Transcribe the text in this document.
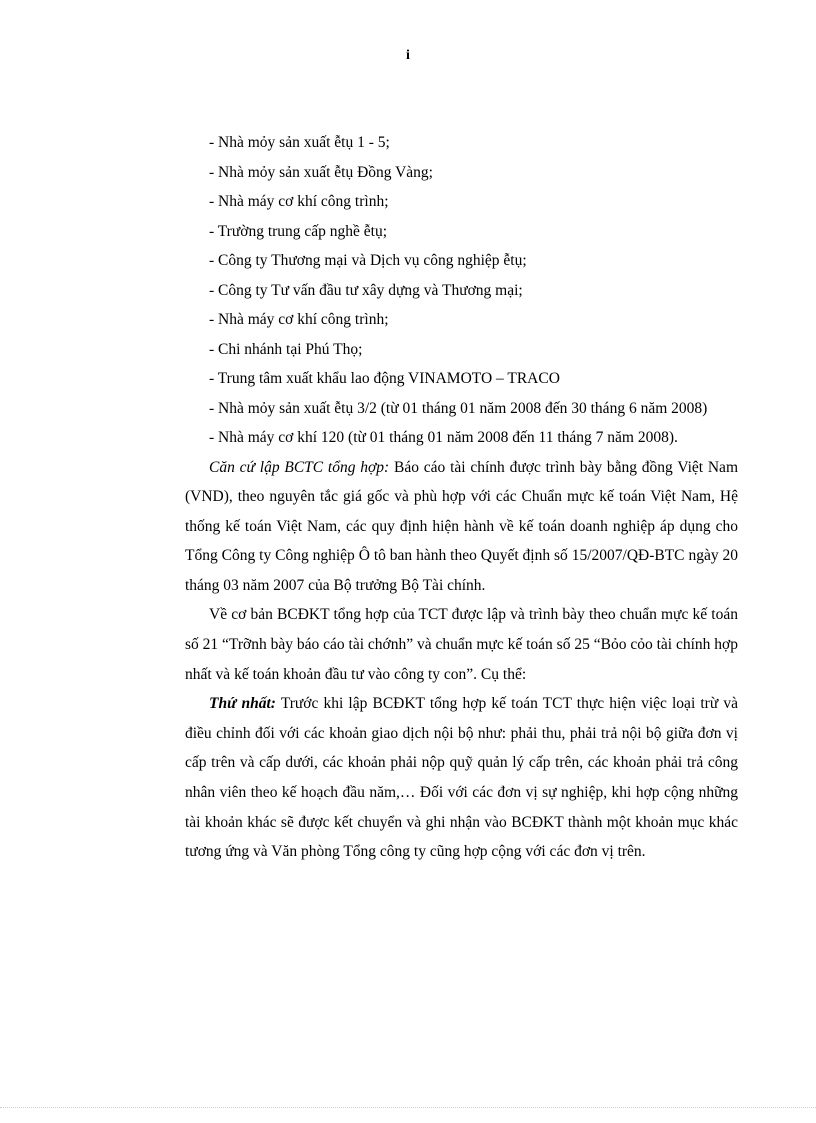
i
- Nhà mỏy sản xuất ễtụ 1 - 5;
- Nhà mỏy sản xuất ễtụ Đồng Vàng;
- Nhà máy cơ khí công trình;
- Trường trung cấp nghề ễtụ;
- Công ty Thương mại và Dịch vụ công nghiệp ễtụ;
- Công ty Tư vấn đầu tư xây dựng và Thương mại;
- Nhà máy cơ khí công trình;
- Chi nhánh tại Phú Thọ;
- Trung tâm xuất khẩu lao động VINAMOTO – TRACO
- Nhà mỏy sản xuất ễtụ 3/2 (từ 01 tháng 01 năm 2008 đến 30 tháng 6 năm 2008)
- Nhà máy cơ khí 120 (từ 01 tháng 01 năm 2008 đến 11 tháng 7 năm 2008).

Căn cứ lập BCTC tổng hợp: Báo cáo tài chính được trình bày bằng đồng Việt Nam (VND), theo nguyên tắc giá gốc và phù hợp với các Chuẩn mực kế toán Việt Nam, Hệ thống kế toán Việt Nam, các quy định hiện hành về kế toán doanh nghiệp áp dụng cho Tổng Công ty Công nghiệp Ô tô ban hành theo Quyết định số 15/2007/QĐ-BTC ngày 20 tháng 03 năm 2007 của Bộ trưởng Bộ Tài chính.

Về cơ bản BCĐKT tổng hợp của TCT được lập và trình bày theo chuẩn mực kế toán số 21 “Trỡnh bày báo cáo tài chớnh” và chuẩn mực kế toán số 25 “Bỏo cỏo tài chính hợp nhất và kế toán khoản đầu tư vào công ty con”. Cụ thể:

Thứ nhất: Trước khi lập BCĐKT tổng hợp kế toán TCT thực hiện việc loại trừ và điều chỉnh đối với các khoản giao dịch nội bộ như: phải thu, phải trả nội bộ giữa đơn vị cấp trên và cấp dưới, các khoản phải nộp quỹ quản lý cấp trên, các khoản phải trả công nhân viên theo kế hoạch đầu năm,… Đối với các đơn vị sự nghiệp, khi hợp cộng những tài khoản khác sẽ được kết chuyển và ghi nhận vào BCĐKT thành một khoản mục khác tương ứng và Văn phòng Tổng công ty cũng hợp cộng với các đơn vị trên.
